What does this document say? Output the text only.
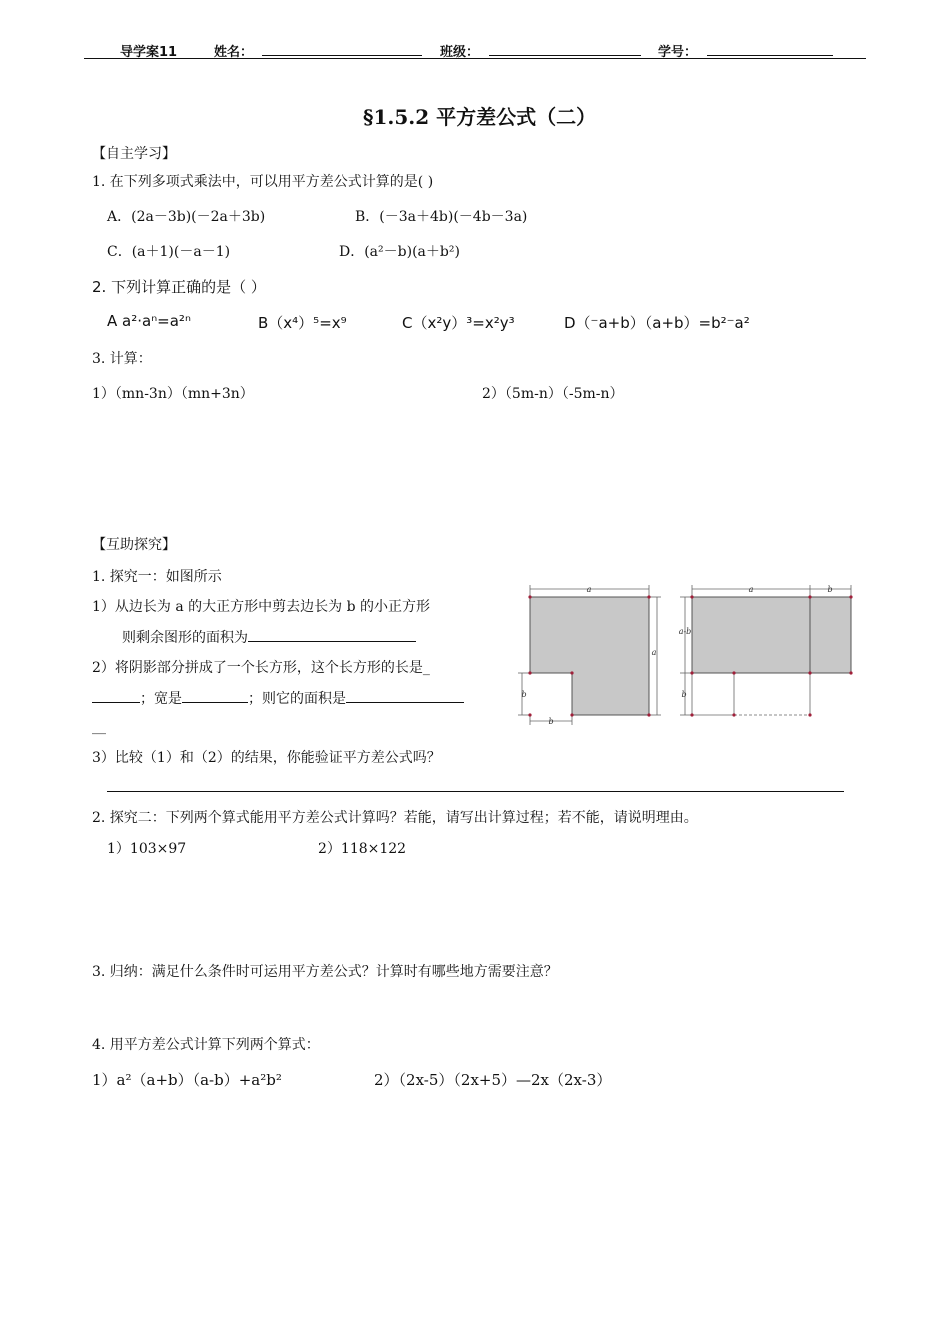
导学案11	姓名：	班级：	学号：
§1.5.2 平方差公式（二）
【自主学习】
1. 在下列多项式乘法中，可以用平方差公式计算的是( )
A．(2a－3b)(－2a＋3b)	B．(－3a＋4b)(－4b－3a)
C．(a＋1)(－a－1)	D．(a²－b)(a＋b²)
2. 下列计算正确的是（ ）
A a²·aⁿ=a²ⁿ	B（x⁴）⁵=x⁹	C（x²y）³=x²y³	D（⁻a+b）（a+b）=b²⁻a²
3. 计算：
1）（mn-3n）（mn+3n）	2）（5m-n）（-5m-n）
【互助探究】
1. 探究一：如图所示
1）从边长为 a 的大正方形中剪去边长为 b 的小正方形
则剩余图形的面积为
2）将阴影部分拼成了一个长方形，这个长方形的长是_
；宽是	；则它的面积是
__
3）比较（1）和（2）的结果，你能验证平方差公式吗？
a
a
b
b
a	b
a-b
b
2. 探究二：下列两个算式能用平方差公式计算吗？若能，请写出计算过程；若不能，请说明理由。
1）103×97	2）118×122
3. 归纳：满足什么条件时可运用平方差公式？计算时有哪些地方需要注意？
4. 用平方差公式计算下列两个算式：
1）a²（a+b）（a-b）+a²b²	2）（2x-5）（2x+5）—2x（2x-3）
